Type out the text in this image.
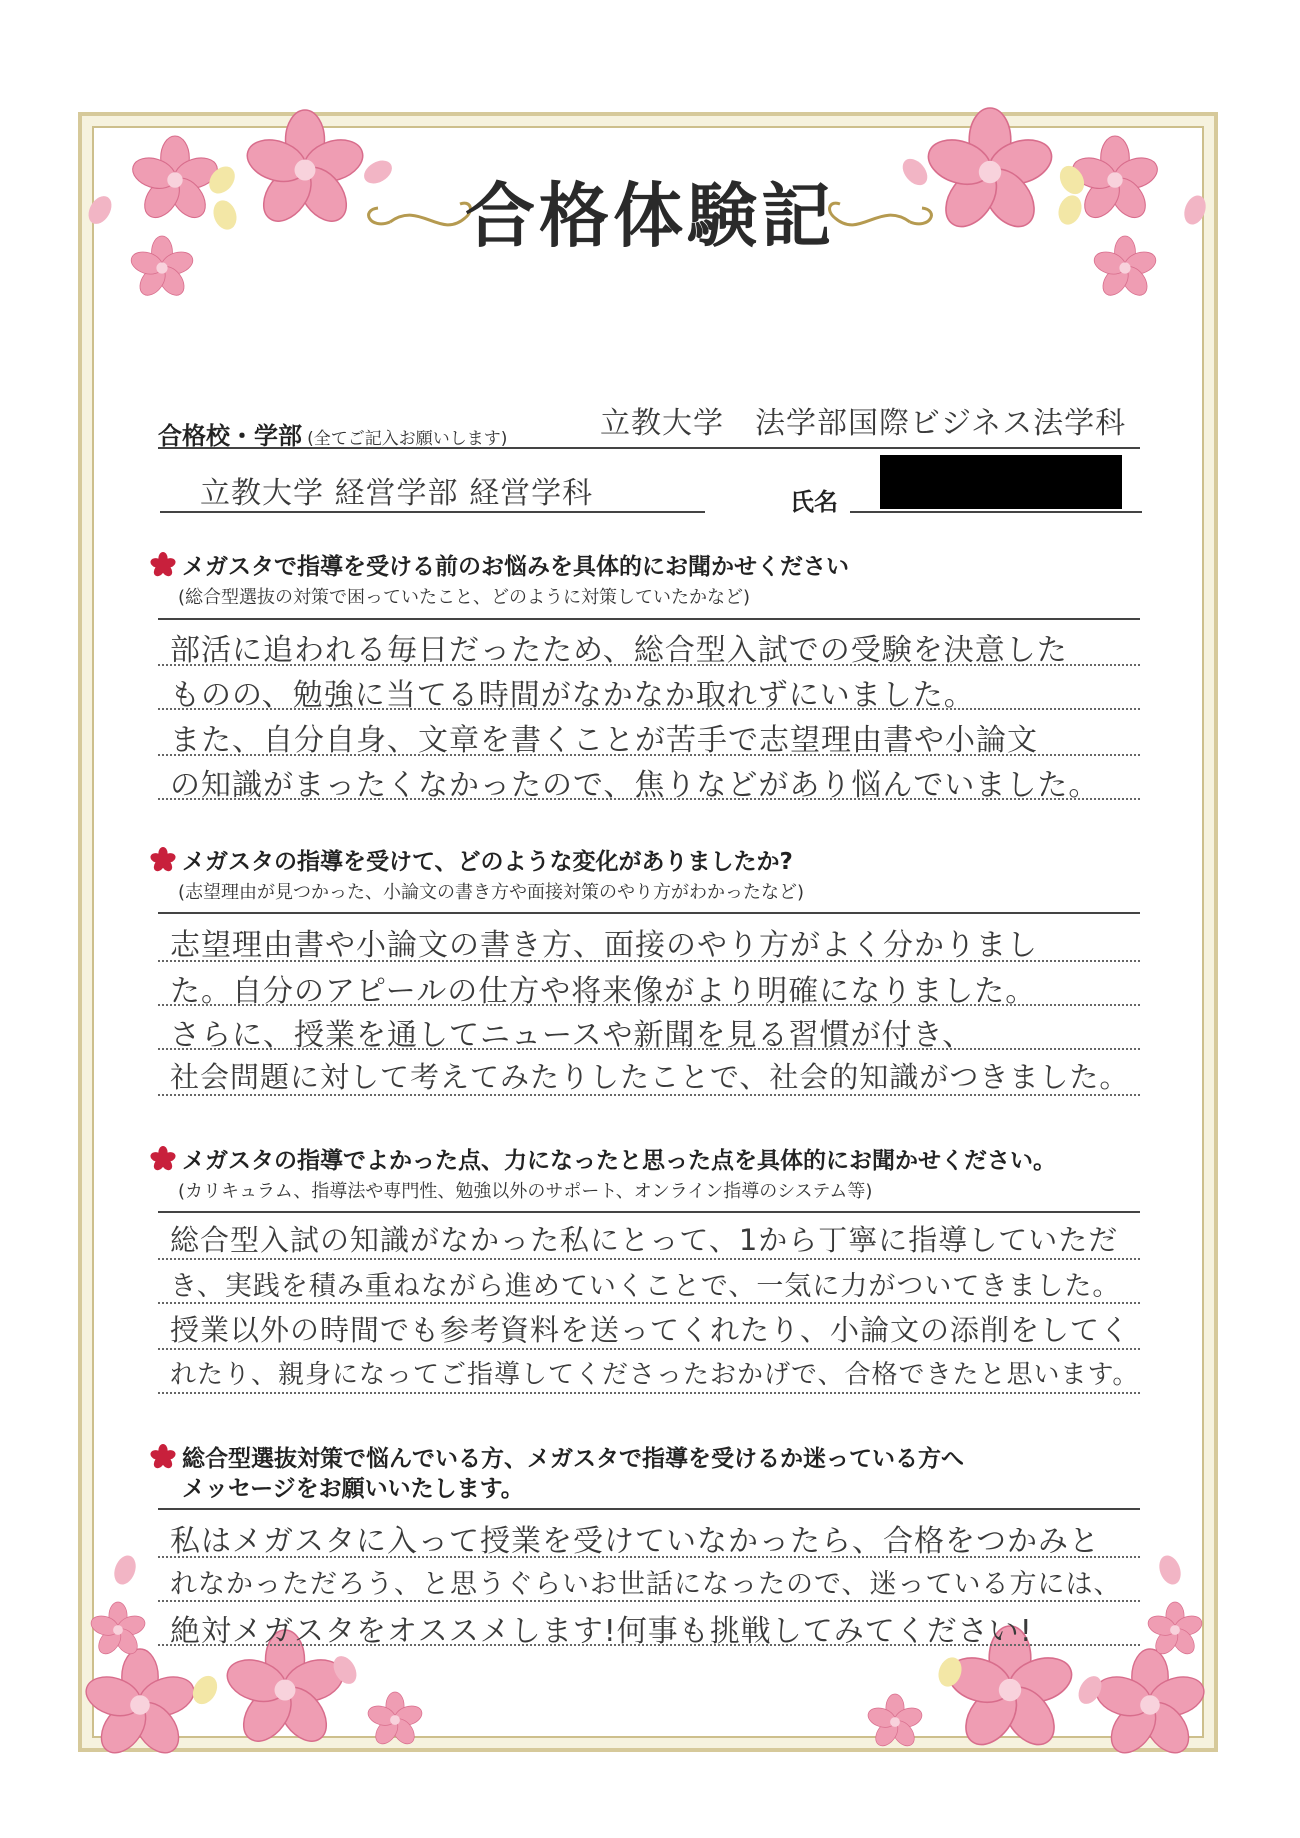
合格体験記
合格校・学部 (全てご記入お願いします)	立教大学　法学部国際ビジネス法学科
立教大学 経営学部 経営学科	氏名
メガスタで指導を受ける前のお悩みを具体的にお聞かせください
(総合型選抜の対策で困っていたこと、どのように対策していたかなど)
部活に追われる毎日だったため、総合型入試での受験を決意した
ものの、勉強に当てる時間がなかなか取れずにいました。
また、自分自身、文章を書くことが苦手で志望理由書や小論文
の知識がまったくなかったので、焦りなどがあり悩んでいました。
メガスタの指導を受けて、どのような変化がありましたか?
(志望理由が見つかった、小論文の書き方や面接対策のやり方がわかったなど)
志望理由書や小論文の書き方、面接のやり方がよく分かりまし
た。自分のアピールの仕方や将来像がより明確になりました。
さらに、授業を通してニュースや新聞を見る習慣が付き、
社会問題に対して考えてみたりしたことで、社会的知識がつきました。
メガスタの指導でよかった点、力になったと思った点を具体的にお聞かせください。
(カリキュラム、指導法や専門性、勉強以外のサポート、オンライン指導のシステム等)
総合型入試の知識がなかった私にとって、1から丁寧に指導していただ
き、実践を積み重ねながら進めていくことで、一気に力がついてきました。
授業以外の時間でも参考資料を送ってくれたり、小論文の添削をしてく
れたり、親身になってご指導してくださったおかげで、合格できたと思います。
総合型選抜対策で悩んでいる方、メガスタで指導を受けるか迷っている方へ
メッセージをお願いいたします。
私はメガスタに入って授業を受けていなかったら、合格をつかみと
れなかっただろう、と思うぐらいお世話になったので、迷っている方には、
絶対メガスタをオススメします!何事も挑戦してみてください!
